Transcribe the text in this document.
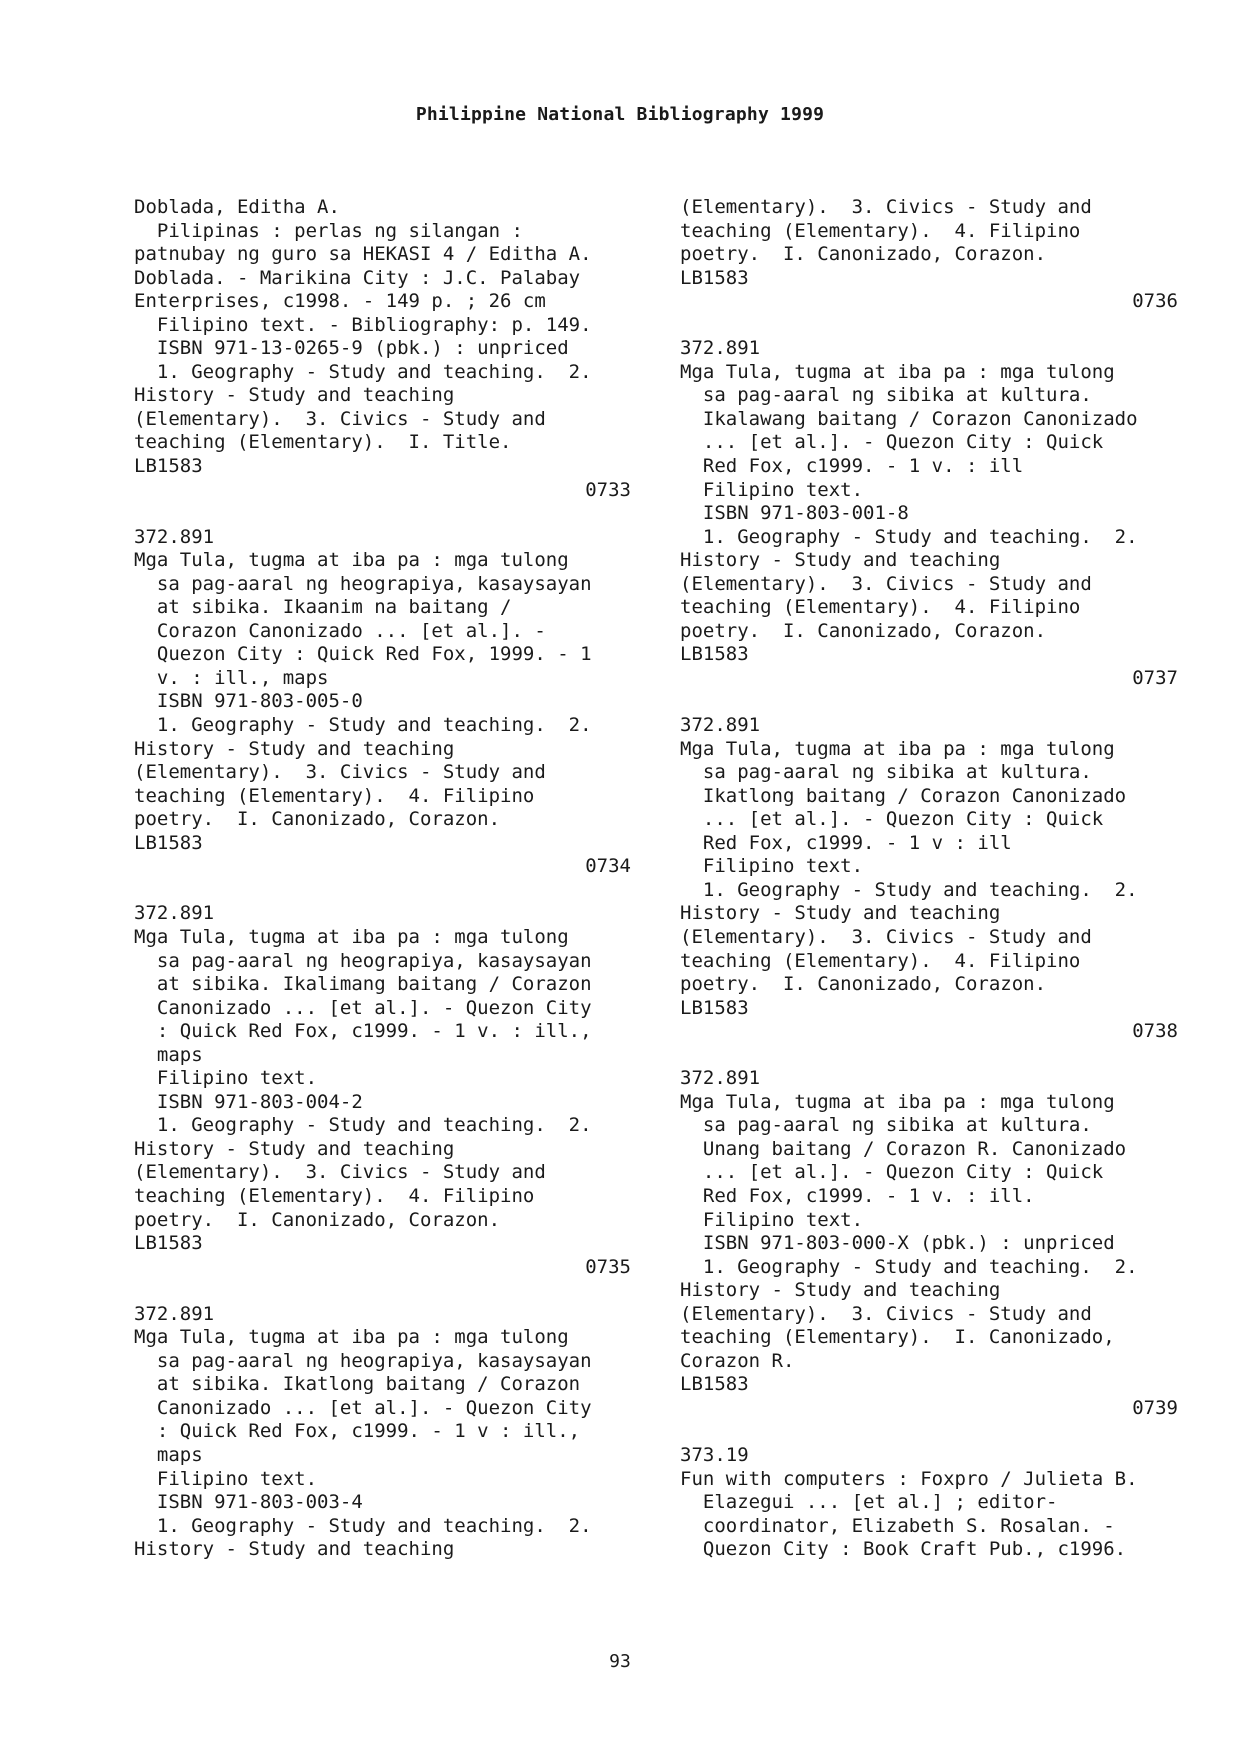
Philippine National Bibliography 1999
Doblada, Editha A.
Pilipinas : perlas ng silangan :
patnubay ng guro sa HEKASI 4 / Editha A.
Doblada. - Marikina City : J.C. Palabay
Enterprises, c1998. - 149 p. ; 26 cm
Filipino text. - Bibliography: p. 149.
ISBN 971-13-0265-9 (pbk.) : unpriced
1. Geography - Study and teaching.  2.
History - Study and teaching
(Elementary).  3. Civics - Study and
teaching (Elementary).  I. Title.
LB1583
0733
372.891
Mga Tula, tugma at iba pa : mga tulong
sa pag-aaral ng heograpiya, kasaysayan
at sibika. Ikaanim na baitang /
Corazon Canonizado ... [et al.]. -
Quezon City : Quick Red Fox, 1999. - 1
v. : ill., maps
ISBN 971-803-005-0
1. Geography - Study and teaching.  2.
History - Study and teaching
(Elementary).  3. Civics - Study and
teaching (Elementary).  4. Filipino
poetry.  I. Canonizado, Corazon.
LB1583
0734
372.891
Mga Tula, tugma at iba pa : mga tulong
sa pag-aaral ng heograpiya, kasaysayan
at sibika. Ikalimang baitang / Corazon
Canonizado ... [et al.]. - Quezon City
: Quick Red Fox, c1999. - 1 v. : ill.,
maps
Filipino text.
ISBN 971-803-004-2
1. Geography - Study and teaching.  2.
History - Study and teaching
(Elementary).  3. Civics - Study and
teaching (Elementary).  4. Filipino
poetry.  I. Canonizado, Corazon.
LB1583
0735
372.891
Mga Tula, tugma at iba pa : mga tulong
sa pag-aaral ng heograpiya, kasaysayan
at sibika. Ikatlong baitang / Corazon
Canonizado ... [et al.]. - Quezon City
: Quick Red Fox, c1999. - 1 v : ill.,
maps
Filipino text.
ISBN 971-803-003-4
1. Geography - Study and teaching.  2.
History - Study and teaching
(Elementary).  3. Civics - Study and
teaching (Elementary).  4. Filipino
poetry.  I. Canonizado, Corazon.
LB1583
0736
372.891
Mga Tula, tugma at iba pa : mga tulong
sa pag-aaral ng sibika at kultura.
Ikalawang baitang / Corazon Canonizado
... [et al.]. - Quezon City : Quick
Red Fox, c1999. - 1 v. : ill
Filipino text.
ISBN 971-803-001-8
1. Geography - Study and teaching.  2.
History - Study and teaching
(Elementary).  3. Civics - Study and
teaching (Elementary).  4. Filipino
poetry.  I. Canonizado, Corazon.
LB1583
0737
372.891
Mga Tula, tugma at iba pa : mga tulong
sa pag-aaral ng sibika at kultura.
Ikatlong baitang / Corazon Canonizado
... [et al.]. - Quezon City : Quick
Red Fox, c1999. - 1 v : ill
Filipino text.
1. Geography - Study and teaching.  2.
History - Study and teaching
(Elementary).  3. Civics - Study and
teaching (Elementary).  4. Filipino
poetry.  I. Canonizado, Corazon.
LB1583
0738
372.891
Mga Tula, tugma at iba pa : mga tulong
sa pag-aaral ng sibika at kultura.
Unang baitang / Corazon R. Canonizado
... [et al.]. - Quezon City : Quick
Red Fox, c1999. - 1 v. : ill.
Filipino text.
ISBN 971-803-000-X (pbk.) : unpriced
1. Geography - Study and teaching.  2.
History - Study and teaching
(Elementary).  3. Civics - Study and
teaching (Elementary).  I. Canonizado,
Corazon R.
LB1583
0739
373.19
Fun with computers : Foxpro / Julieta B.
Elazegui ... [et al.] ; editor-
coordinator, Elizabeth S. Rosalan. -
Quezon City : Book Craft Pub., c1996.
93
